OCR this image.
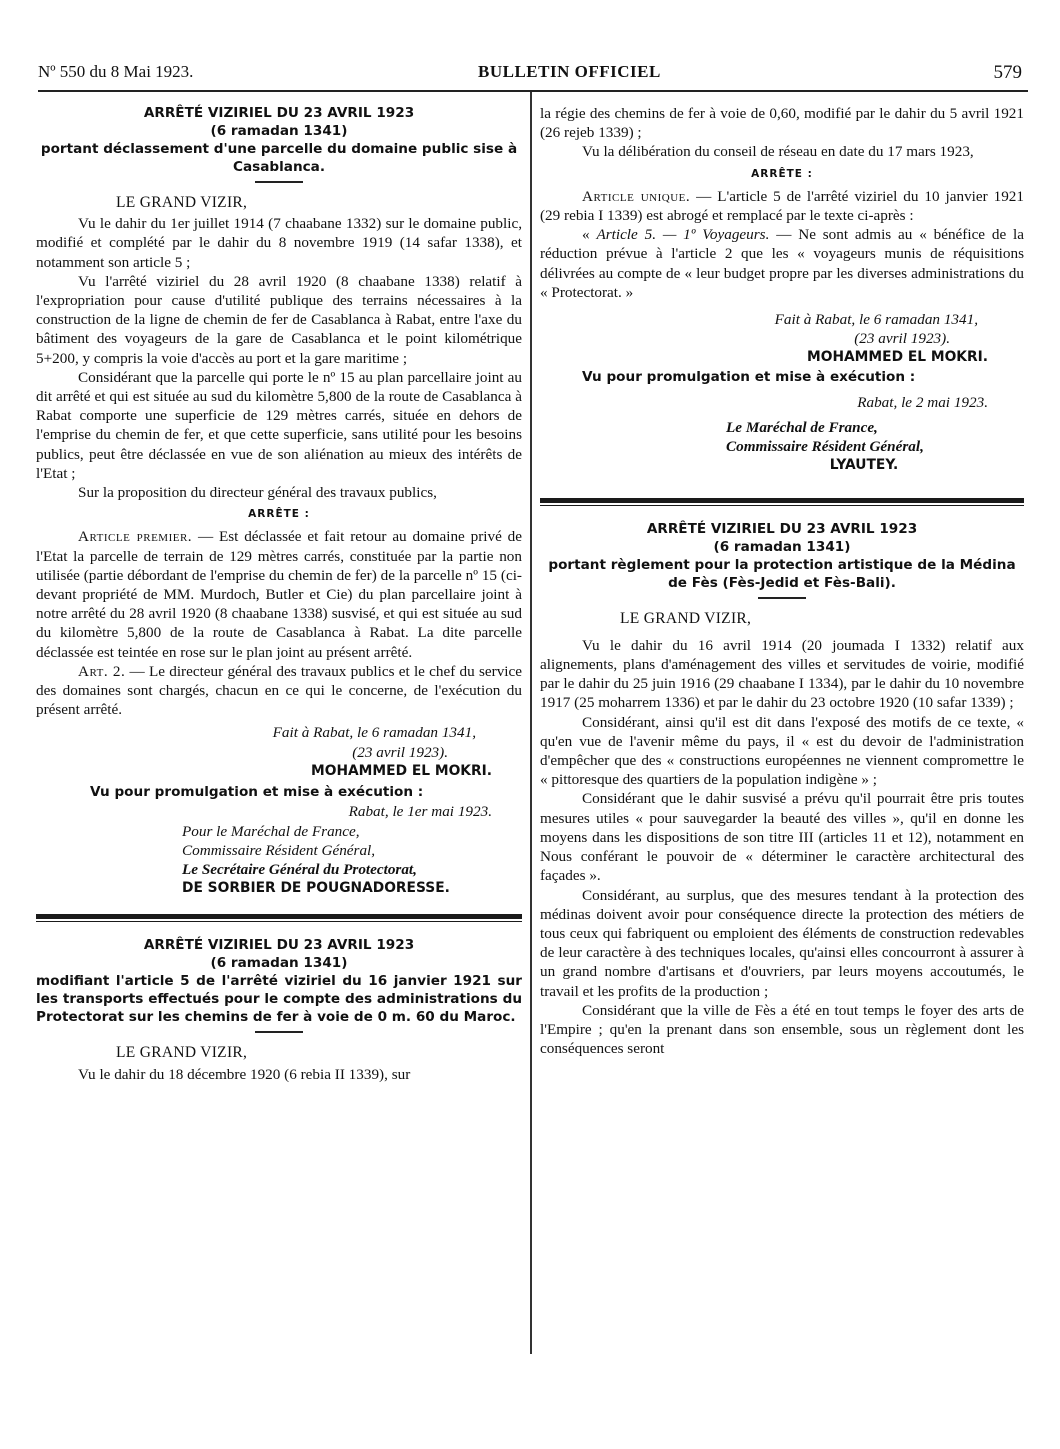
Nº 550 du 8 Mai 1923.	BULLETIN OFFICIEL	579
ARRÊTÉ VIZIRIEL DU 23 AVRIL 1923
(6 ramadan 1341)
portant déclassement d'une parcelle du domaine public sise à Casablanca.
LE GRAND VIZIR,
Vu le dahir du 1er juillet 1914 (7 chaabane 1332) sur le domaine public, modifié et complété par le dahir du 8 novembre 1919 (14 safar 1338), et notamment son article 5 ;
Vu l'arrêté viziriel du 28 avril 1920 (8 chaabane 1338) relatif à l'expropriation pour cause d'utilité publique des terrains nécessaires à la construction de la ligne de chemin de fer de Casablanca à Rabat, entre l'axe du bâtiment des voyageurs de la gare de Casablanca et le point kilométrique 5+200, y compris la voie d'accès au port et la gare maritime ;
Considérant que la parcelle qui porte le nº 15 au plan parcellaire joint au dit arrêté et qui est située au sud du kilomètre 5,800 de la route de Casablanca à Rabat comporte une superficie de 129 mètres carrés, située en dehors de l'emprise du chemin de fer, et que cette superficie, sans utilité pour les besoins publics, peut être déclassée en vue de son aliénation au mieux des intérêts de l'Etat ;
Sur la proposition du directeur général des travaux publics,
ARRÊTE :
Article premier. — Est déclassée et fait retour au domaine privé de l'Etat la parcelle de terrain de 129 mètres carrés, constituée par la partie non utilisée (partie débordant de l'emprise du chemin de fer) de la parcelle nº 15 (ci-devant propriété de MM. Murdoch, Butler et Cie) du plan parcellaire joint à notre arrêté du 28 avril 1920 (8 chaabane 1338) susvisé, et qui est située au sud du kilomètre 5,800 de la route de Casablanca à Rabat. La dite parcelle déclassée est teintée en rose sur le plan joint au présent arrêté.
Art. 2. — Le directeur général des travaux publics et le chef du service des domaines sont chargés, chacun en ce qui le concerne, de l'exécution du présent arrêté.
Fait à Rabat, le 6 ramadan 1341,
(23 avril 1923).
MOHAMMED EL MOKRI.
Vu pour promulgation et mise à exécution :
Rabat, le 1er mai 1923.
Pour le Maréchal de France,
Commissaire Résident Général,
Le Secrétaire Général du Protectorat,
DE SORBIER DE POUGNADORESSE.
ARRÊTÉ VIZIRIEL DU 23 AVRIL 1923
(6 ramadan 1341)
modifiant l'article 5 de l'arrêté viziriel du 16 janvier 1921 sur les transports effectués pour le compte des administrations du Protectorat sur les chemins de fer à voie de 0 m. 60 du Maroc.
LE GRAND VIZIR,
Vu le dahir du 18 décembre 1920 (6 rebia II 1339), sur
la régie des chemins de fer à voie de 0,60, modifié par le dahir du 5 avril 1921 (26 rejeb 1339) ;
Vu la délibération du conseil de réseau en date du 17 mars 1923,
ARRÊTE :
Article unique. — L'article 5 de l'arrêté viziriel du 10 janvier 1921 (29 rebia I 1339) est abrogé et remplacé par le texte ci-après :
« Article 5. — 1º Voyageurs. — Ne sont admis au « bénéfice de la réduction prévue à l'article 2 que les « voyageurs munis de réquisitions délivrées au compte de « leur budget propre par les diverses administrations du « Protectorat. »
Fait à Rabat, le 6 ramadan 1341,
(23 avril 1923).
MOHAMMED EL MOKRI.
Vu pour promulgation et mise à exécution :
Rabat, le 2 mai 1923.
Le Maréchal de France,
Commissaire Résident Général,
LYAUTEY.
ARRÊTÉ VIZIRIEL DU 23 AVRIL 1923
(6 ramadan 1341)
portant règlement pour la protection artistique de la Médina de Fès (Fès-Jedid et Fès-Bali).
LE GRAND VIZIR,
Vu le dahir du 16 avril 1914 (20 joumada I 1332) relatif aux alignements, plans d'aménagement des villes et servitudes de voirie, modifié par le dahir du 25 juin 1916 (29 chaabane I 1334), par le dahir du 10 novembre 1917 (25 moharrem 1336) et par le dahir du 23 octobre 1920 (10 safar 1339) ;
Considérant, ainsi qu'il est dit dans l'exposé des motifs de ce texte, « qu'en vue de l'avenir même du pays, il « est du devoir de l'administration d'empêcher que des « constructions européennes ne viennent compromettre le « pittoresque des quartiers de la population indigène » ;
Considérant que le dahir susvisé a prévu qu'il pourrait être pris toutes mesures utiles « pour sauvegarder la beauté des villes », qu'il en donne les moyens dans les dispositions de son titre III (articles 11 et 12), notamment en Nous conférant le pouvoir de « déterminer le caractère architectural des façades ».
Considérant, au surplus, que des mesures tendant à la protection des médinas doivent avoir pour conséquence directe la protection des métiers de tous ceux qui fabriquent ou emploient des éléments de construction redevables de leur caractère à des techniques locales, qu'ainsi elles concourront à assurer à un grand nombre d'artisans et d'ouvriers, par leurs moyens accoutumés, le travail et les profits de la production ;
Considérant que la ville de Fès a été en tout temps le foyer des arts de l'Empire ; qu'en la prenant dans son ensemble, sous un règlement dont les conséquences seront
